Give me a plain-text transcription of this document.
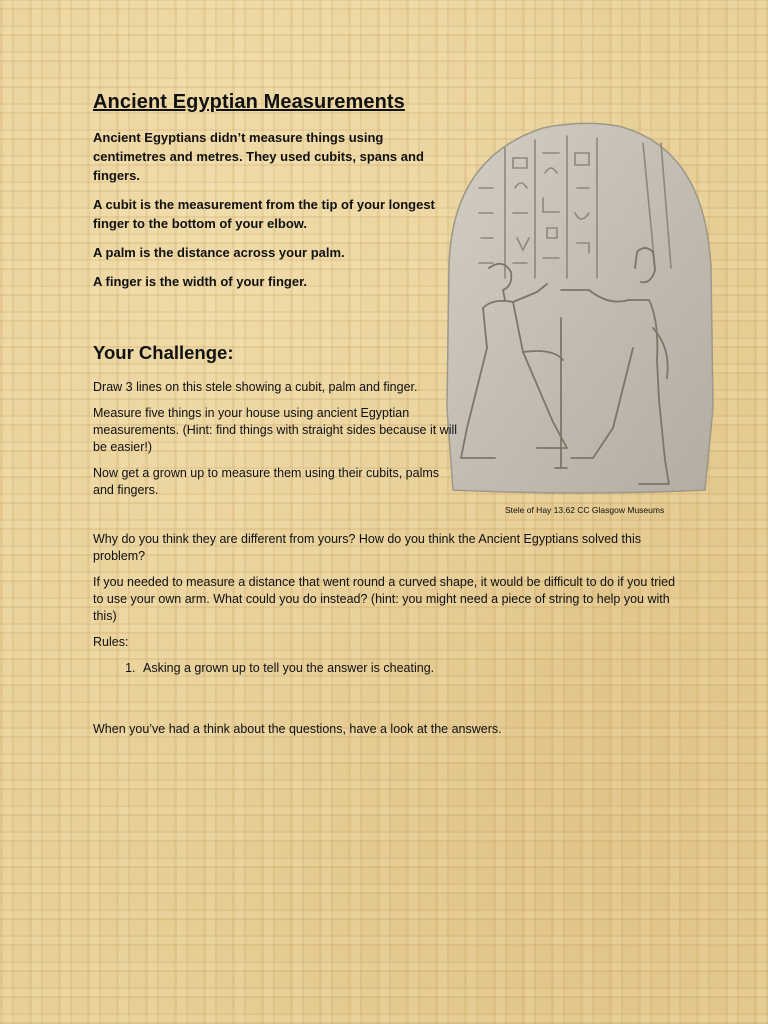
Ancient Egyptian Measurements

Ancient Egyptians didn’t measure things using centimetres and metres. They used cubits, spans and fingers.

A cubit is the measurement from the tip of your longest finger to the bottom of your elbow.

A palm is the distance across your palm.

A finger is the width of your finger.

Stele of Hay 13.62 CC Glasgow Museums

Your Challenge:

Draw 3 lines on this stele showing a cubit, palm and finger.

Measure five things in your house using ancient Egyptian measurements. (Hint: find things with straight sides because it will be easier!)

Now get a grown up to measure them using their cubits, palms and fingers.

Why do you think they are different from yours? How do you think the Ancient Egyptians solved this problem?

If you needed to measure a distance that went round a curved shape, it would be difficult to do if you tried to use your own arm. What could you do instead? (hint: you might need a piece of string to help you with this)

Rules:

1. Asking a grown up to tell you the answer is cheating.

When you’ve had a think about the questions, have a look at the answers.
